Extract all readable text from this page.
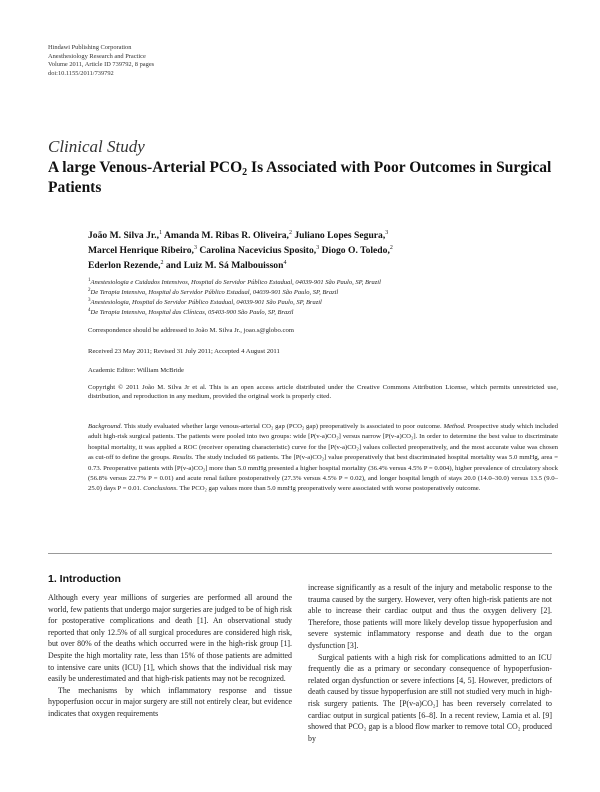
Hindawi Publishing Corporation
Anesthesiology Research and Practice
Volume 2011, Article ID 739792, 8 pages
doi:10.1155/2011/739792
Clinical Study
A large Venous-Arterial $PCO_2$ Is Associated with Poor Outcomes in Surgical Patients
João M. Silva Jr.,$^1$ Amanda M. Ribas R. Oliveira,$^2$ Juliano Lopes Segura,$^3$
Marcel Henrique Ribeiro,$^3$ Carolina Nacevicius Sposito,$^3$ Diogo O. Toledo,$^2$
Ederlon Rezende,$^2$ and Luiz M. Sá Malbouisson$^4$
$^1$Anestesiologia e Cuidados Intensivos, Hospital do Servidor Público Estadual, 04039-901 São Paulo, SP, Brazil
$^2$De Terapia Intensiva, Hospital do Servidor Público Estadual, 04039-901 São Paulo, SP, Brazil
$^3$Anestesiologia, Hospital do Servidor Público Estadual, 04039-901 São Paulo, SP, Brazil
$^4$De Terapia Intensiva, Hospital das Clínicas, 05403-900 São Paulo, SP, Brazil
Correspondence should be addressed to João M. Silva Jr., joao.s@globo.com
Received 23 May 2011; Revised 31 July 2011; Accepted 4 August 2011
Academic Editor: William McBride
Copyright © 2011 João M. Silva Jr et al. This is an open access article distributed under the Creative Commons Attribution License, which permits unrestricted use, distribution, and reproduction in any medium, provided the original work is properly cited.
Background. This study evaluated whether large venous-arterial CO₂ gap (PCO₂ gap) preoperatively is associated to poor outcome. Method. Prospective study which included adult high-risk surgical patients. The patients were pooled into two groups: wide [P(v-a)CO₂] versus narrow [P(v-a)CO₂]. In order to determine the best value to discriminate hospital mortality, it was applied a ROC (receiver operating characteristic) curve for the [P(v-a)CO₂] values collected preoperatively, and the most accurate value was chosen as cut-off to define the groups. Results. The study included 66 patients. The [P(v-a)CO₂] value preoperatively that best discriminated hospital mortality was 5.0 mmHg, area = 0.73. Preoperative patients with [P(v-a)CO₂] more than 5.0 mmHg presented a higher hospital mortality (36.4% versus 4.5% P = 0.004), higher prevalence of circulatory shock (56.8% versus 22.7% P = 0.01) and acute renal failure postoperatively (27.3% versus 4.5% P = 0.02), and longer hospital length of stays 20.0 (14.0–30.0) versus 13.5 (9.0–25.0) days P = 0.01. Conclusions. The PCO₂ gap values more than 5.0 mmHg preoperatively were associated with worse postoperatively outcome.
1. Introduction

Although every year millions of surgeries are performed all around the world, few patients that undergo major surgeries are judged to be of high risk for postoperative complications and death [1]. An observational study reported that only 12.5% of all surgical procedures are considered high risk, but over 80% of the deaths which occurred were in the high-risk group [1]. Despite the high mortality rate, less than 15% of those patients are admitted to intensive care units (ICU) [1], which shows that the individual risk may easily be underestimated and that high-risk patients may not be recognized.

The mechanisms by which inflammatory response and tissue hypoperfusion occur in major surgery are still not entirely clear, but evidence indicates that oxygen requirements

increase significantly as a result of the injury and metabolic response to the trauma caused by the surgery. However, very often high-risk patients are not able to increase their cardiac output and thus the oxygen delivery [2]. Therefore, those patients will more likely develop tissue hypoperfusion and severe systemic inflammatory response and death due to the organ dysfunction [3].

Surgical patients with a high risk for complications admitted to an ICU frequently die as a primary or secondary consequence of hypoperfusion-related organ dysfunction or severe infections [4, 5]. However, predictors of death caused by tissue hypoperfusion are still not studied very much in high-risk surgery patients. The [P(v-a)CO₂] has been reversely correlated to cardiac output in surgical patients [6–8]. In a recent review, Lamia et al. [9] showed that PCO₂ gap is a blood flow marker to remove total CO₂ produced by
